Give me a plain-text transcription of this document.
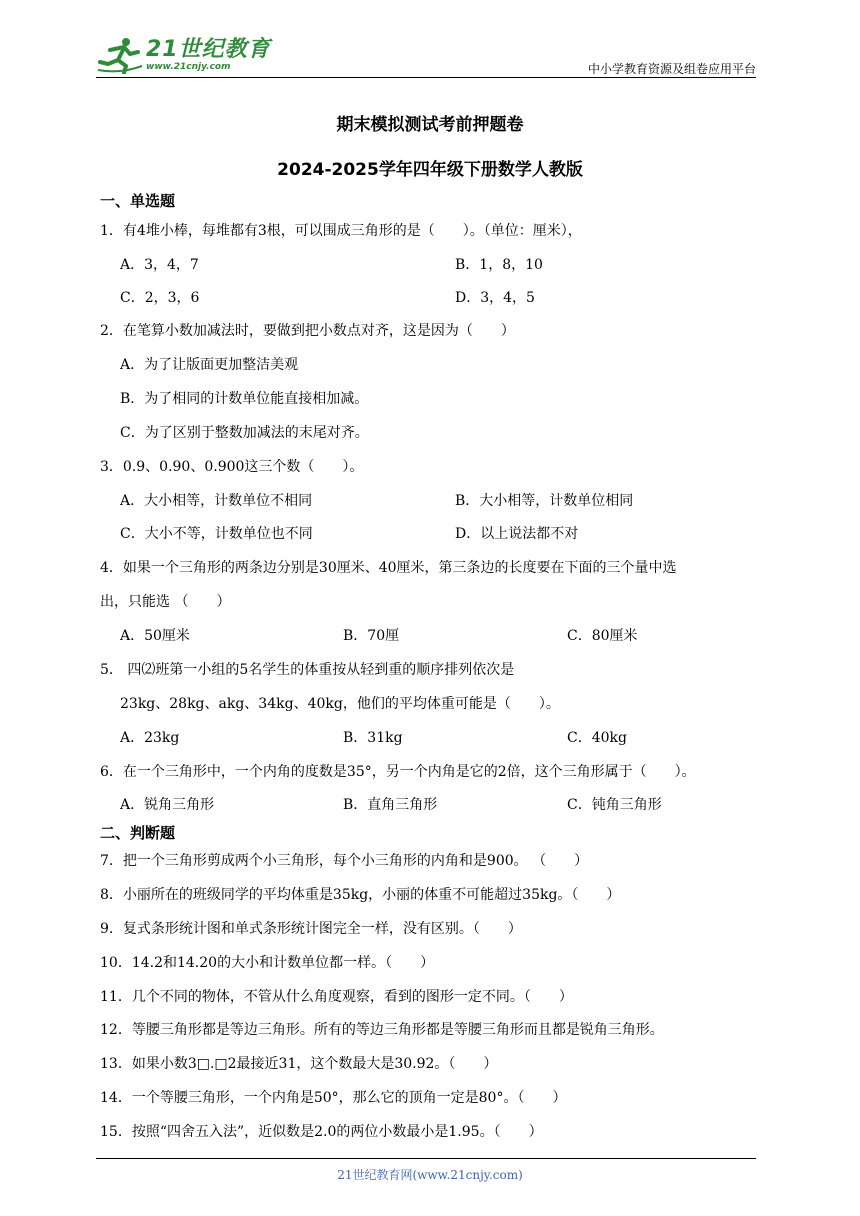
21世纪教育
www.21cnjy.com	中小学教育资源及组卷应用平台
期末模拟测试考前押题卷
2024-2025学年四年级下册数学人教版
一、单选题
1．有4堆小棒，每堆都有3根，可以围成三角形的是（　　）。（单位：厘米），
A．3，4，7	B．1，8，10
C．2，3，6	D．3，4，5
2．在笔算小数加减法时，要做到把小数点对齐，这是因为（　　）
A．为了让版面更加整洁美观
B．为了相同的计数单位能直接相加减。
C．为了区别于整数加减法的末尾对齐。
3．0.9、0.90、0.900这三个数（　　）。
A．大小相等，计数单位不相同	B．大小相等，计数单位相同
C．大小不等，计数单位也不同	D．以上说法都不对
4．如果一个三角形的两条边分别是30厘米、40厘米，第三条边的长度要在下面的三个量中选
出，只能选 （　　）
A．50厘米	B．70厘	C．80厘米
5． 四⑵班第一小组的5名学生的体重按从轻到重的顺序排列依次是
23kg、28kg、akg、34kg、40kg，他们的平均体重可能是（　　）。
A．23kg	B．31kg	C．40kg
6．在一个三角形中，一个内角的度数是35°，另一个内角是它的2倍，这个三角形属于（　　）。
A．锐角三角形	B．直角三角形	C．钝角三角形
二、判断题
7．把一个三角形剪成两个小三角形，每个小三角形的内角和是900。 （　　）
8．小丽所在的班级同学的平均体重是35kg，小丽的体重不可能超过35kg。（　　）
9．复式条形统计图和单式条形统计图完全一样，没有区别。（　　）
10．14.2和14.20的大小和计数单位都一样。（　　）
11．几个不同的物体，不管从什么角度观察，看到的图形一定不同。（　　）
12．等腰三角形都是等边三角形。所有的等边三角形都是等腰三角形而且都是锐角三角形。
13．如果小数3□.□2最接近31，这个数最大是30.92。（　　）
14．一个等腰三角形，一个内角是50°，那么它的顶角一定是80°。（　　）
15．按照“四舍五入法”，近似数是2.0的两位小数最小是1.95。（　　）
21世纪教育网(www.21cnjy.com)
